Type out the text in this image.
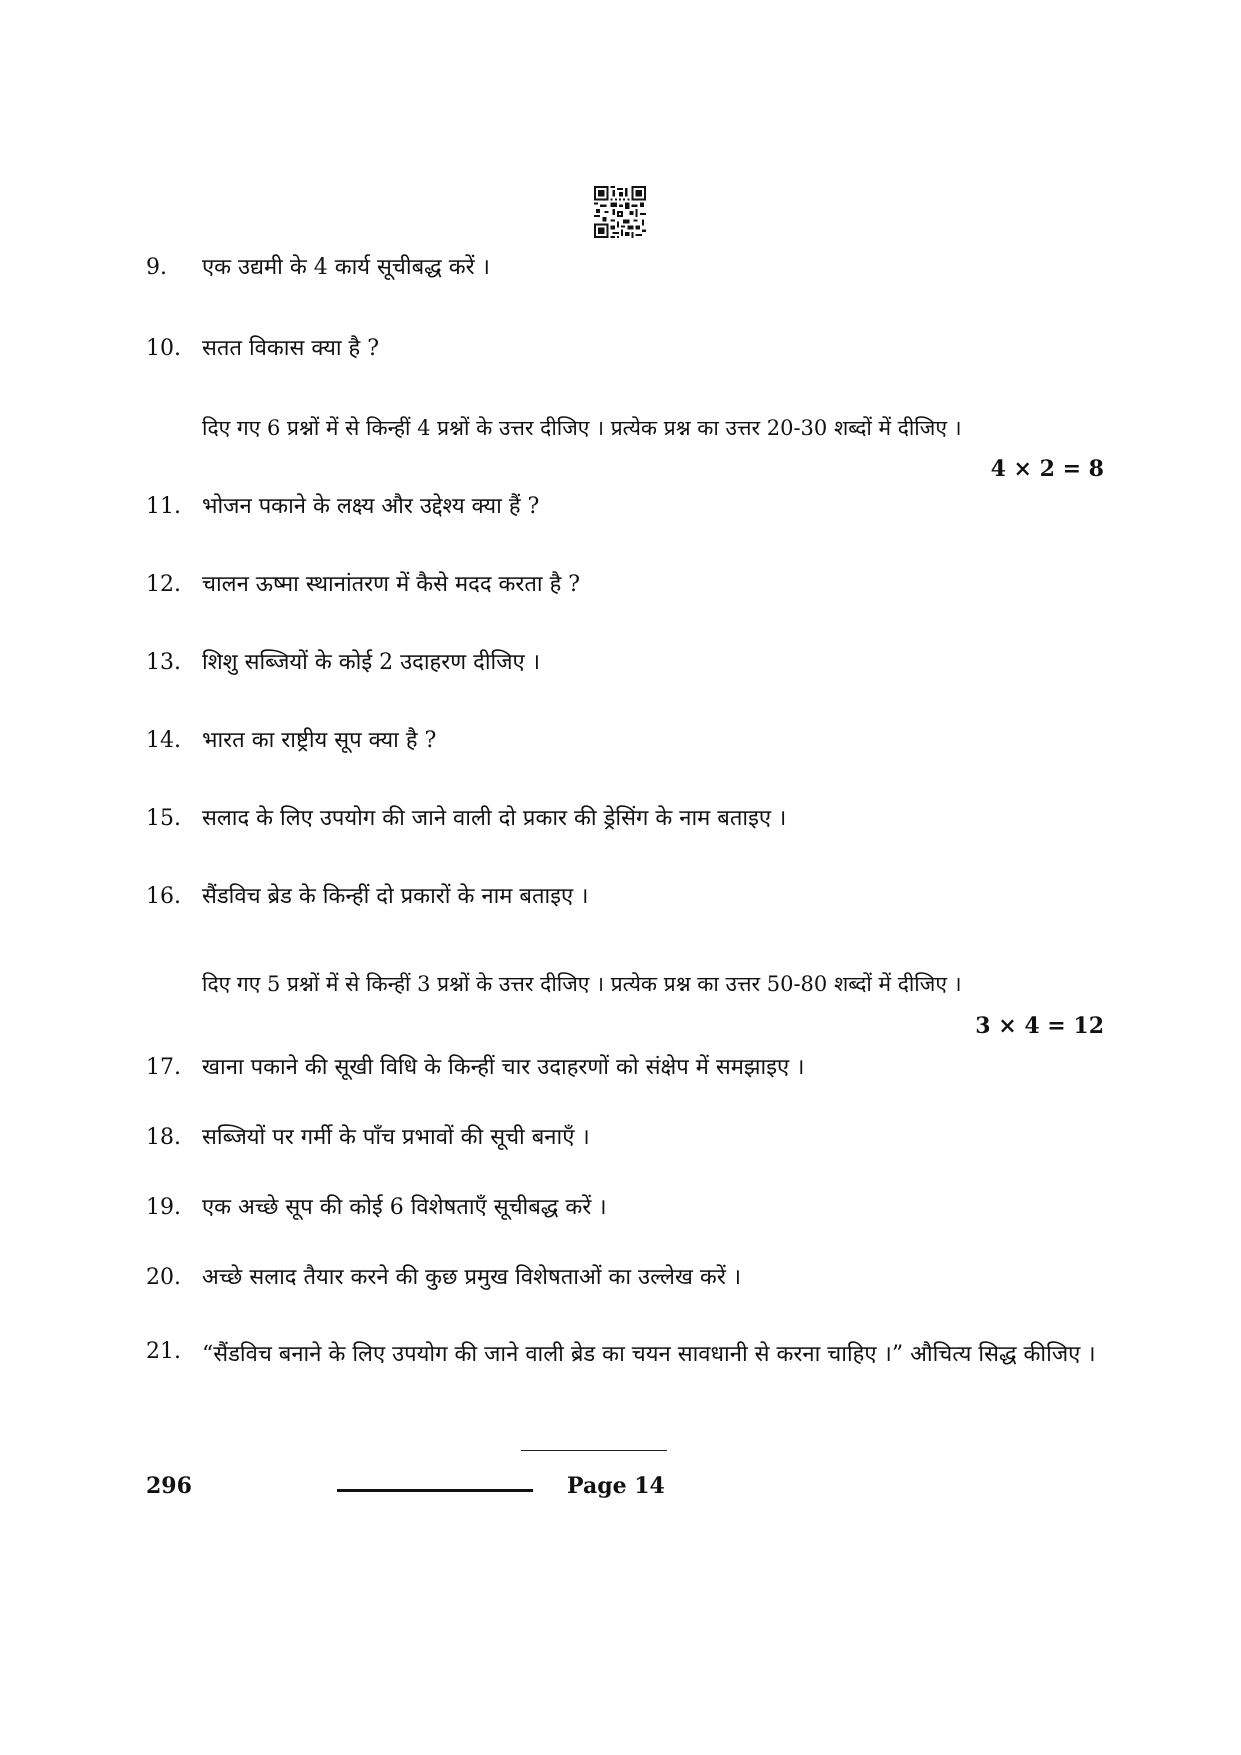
9.	एक उद्यमी के 4 कार्य सूचीबद्ध करें ।
10. सतत विकास क्या है ?
दिए गए 6 प्रश्नों में से किन्हीं 4 प्रश्नों के उत्तर दीजिए । प्रत्येक प्रश्न का उत्तर 20-30 शब्दों में दीजिए ।
4 × 2 = 8
11. भोजन पकाने के लक्ष्य और उद्देश्य क्या हैं ?
12. चालन ऊष्मा स्थानांतरण में कैसे मदद करता है ?
13. शिशु सब्जियों के कोई 2 उदाहरण दीजिए ।
14. भारत का राष्ट्रीय सूप क्या है ?
15. सलाद के लिए उपयोग की जाने वाली दो प्रकार की ड्रेसिंग के नाम बताइए ।
16. सैंडविच ब्रेड के किन्हीं दो प्रकारों के नाम बताइए ।
दिए गए 5 प्रश्नों में से किन्हीं 3 प्रश्नों के उत्तर दीजिए । प्रत्येक प्रश्न का उत्तर 50-80 शब्दों में दीजिए ।
3 × 4 = 12
17. खाना पकाने की सूखी विधि के किन्हीं चार उदाहरणों को संक्षेप में समझाइए ।
18. सब्जियों पर गर्मी के पाँच प्रभावों की सूची बनाएँ ।
19. एक अच्छे सूप की कोई 6 विशेषताएँ सूचीबद्ध करें ।
20. अच्छे सलाद तैयार करने की कुछ प्रमुख विशेषताओं का उल्लेख करें ।
21. “सैंडविच बनाने के लिए उपयोग की जाने वाली ब्रेड का चयन सावधानी से करना चाहिए ।” औचित्य सिद्ध कीजिए ।
296	Page 14
